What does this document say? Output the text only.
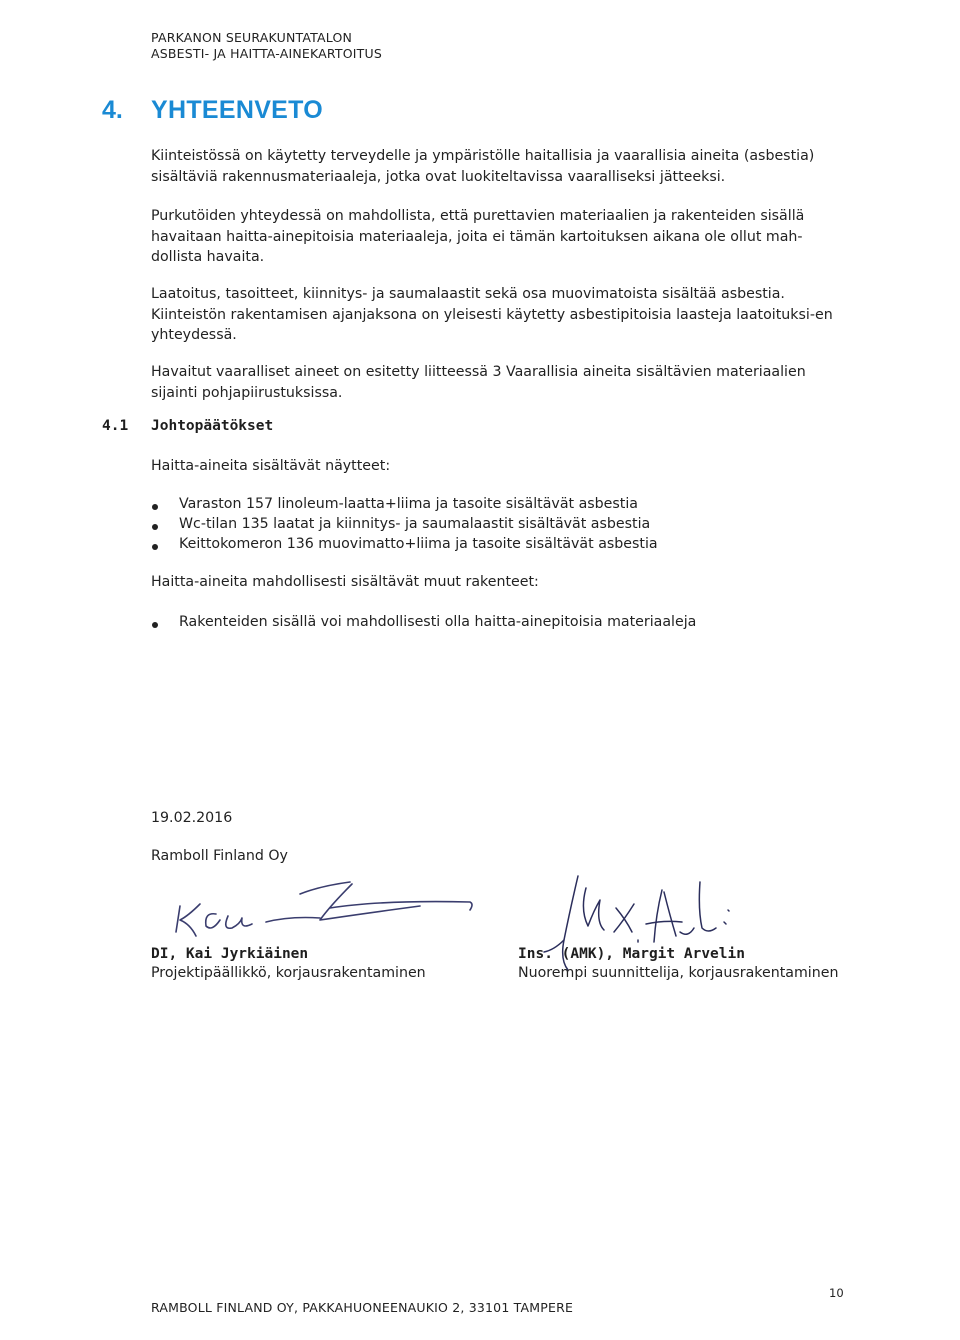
PARKANON SEURAKUNTATALON
ASBESTI- JA HAITTA-AINEKARTOITUS
4. YHTEENVETO
Kiinteistössä on käytetty terveydelle ja ympäristölle haitallisia ja vaarallisia aineita (asbestia) sisältäviä rakennusmateriaaleja, jotka ovat luokiteltavissa vaaralliseksi jätteeksi.
Purkutöiden yhteydessä on mahdollista, että purettavien materiaalien ja rakenteiden sisällä havaitaan haitta-ainepitoisia materiaaleja, joita ei tämän kartoituksen aikana ole ollut mah-dollista havaita.
Laatoitus, tasoitteet, kiinnitys- ja saumalaastit sekä osa muovimatoista sisältää asbestia. Kiinteistön rakentamisen ajanjaksona on yleisesti käytetty asbestipitoisia laasteja laatoituksi-en yhteydessä.
Havaitut vaaralliset aineet on esitetty liitteessä 3 Vaarallisia aineita sisältävien materiaalien sijainti pohjapiirustuksissa.
4.1 Johtopäätökset
Haitta-aineita sisältävät näytteet:
Varaston 157 linoleum-laatta+liima ja tasoite sisältävät asbestia
Wc-tilan 135 laatat ja kiinnitys- ja saumalaastit sisältävät asbestia
Keittokomeron 136 muovimatto+liima ja tasoite sisältävät asbestia
Haitta-aineita mahdollisesti sisältävät muut rakenteet:
Rakenteiden sisällä voi mahdollisesti olla haitta-ainepitoisia materiaaleja
19.02.2016
Ramboll Finland Oy
DI, Kai Jyrkiäinen
Projektipäällikkö, korjausrakentaminen
Ins. (AMK), Margit Arvelin
Nuorempi suunnittelija, korjausrakentaminen
10
RAMBOLL FINLAND OY, PAKKAHUONEENAUKIO 2, 33101 TAMPERE
